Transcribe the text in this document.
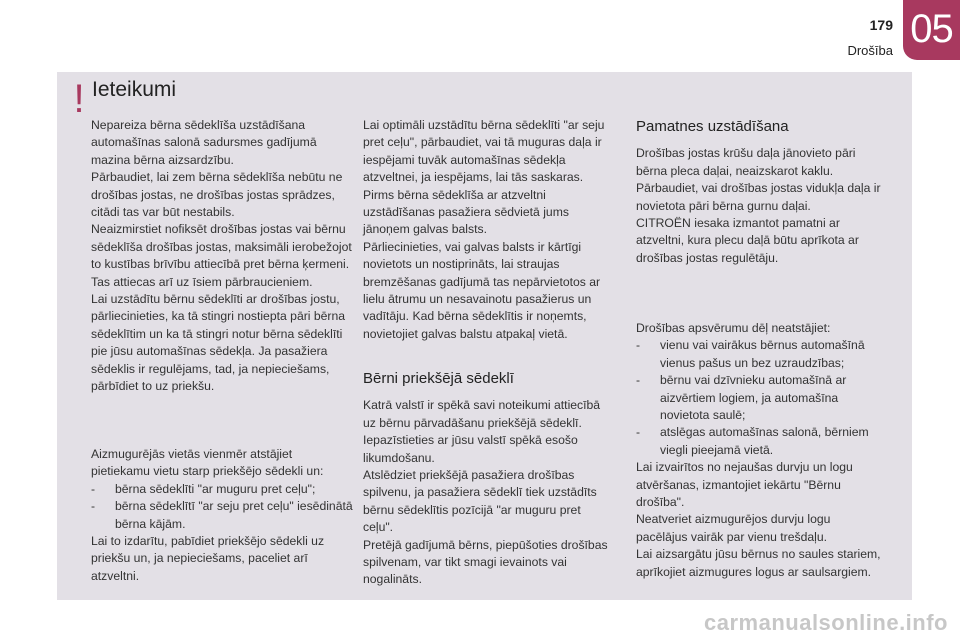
05
179
Drošība
! Ieteikumi

Nepareiza bērna sēdeklīša uzstādīšana automašīnas salonā sadursmes gadījumā mazina bērna aizsardzību.

Pārbaudiet, lai zem bērna sēdeklīša nebūtu ne drošības jostas, ne drošības jostas sprādzes, citādi tas var būt nestabils.

Neaizmirstiet nofiksēt drošības jostas vai bērnu sēdeklīša drošības jostas, maksimāli ierobežojot to kustības brīvību attiecībā pret bērna ķermeni. Tas attiecas arī uz īsiem pārbraucieniem.

Lai uzstādītu bērnu sēdeklīti ar drošības jostu, pārliecinieties, ka tā stingri nostiepta pāri bērna sēdeklītim un ka tā stingri notur bērna sēdeklīti pie jūsu automašīnas sēdekļa. Ja pasažiera sēdeklis ir regulējams, tad, ja nepieciešams, pārbīdiet to uz priekšu.

Aizmugurējās vietās vienmēr atstājiet pietiekamu vietu starp priekšējo sēdekli un:

-	bērna sēdeklīti "ar muguru pret ceļu";
-	bērna sēdeklītī "ar seju pret ceļu" iesēdinātā bērna kājām.

Lai to izdarītu, pabīdiet priekšējo sēdekli uz priekšu un, ja nepieciešams, paceliet arī atzveltni.

Lai optimāli uzstādītu bērna sēdeklīti "ar seju pret ceļu", pārbaudiet, vai tā muguras daļa ir iespējami tuvāk automašīnas sēdekļa atzveltnei, ja iespējams, lai tās saskaras.

Pirms bērna sēdeklīša ar atzveltni uzstādīšanas pasažiera sēdvietā jums jānoņem galvas balsts.

Pārliecinieties, vai galvas balsts ir kārtīgi novietots un nostiprināts, lai straujas bremzēšanas gadījumā tas nepārvietotos ar lielu ātrumu un nesavainotu pasažierus un vadītāju. Kad bērna sēdeklītis ir noņemts, novietojiet galvas balstu atpakaļ vietā.

Bērni priekšējā sēdeklī

Katrā valstī ir spēkā savi noteikumi attiecībā uz bērnu pārvadāšanu priekšējā sēdeklī. Iepazīstieties ar jūsu valstī spēkā esošo likumdošanu.

Atslēdziet priekšējā pasažiera drošības spilvenu, ja pasažiera sēdeklī tiek uzstādīts bērnu sēdeklītis pozīcijā "ar muguru pret ceļu".

Pretējā gadījumā bērns, piepūšoties drošības spilvenam, var tikt smagi ievainots vai nogalināts.

Pamatnes uzstādīšana

Drošības jostas krūšu daļa jānovieto pāri bērna pleca daļai, neaizskarot kaklu.

Pārbaudiet, vai drošības jostas vidukļa daļa ir novietota pāri bērna gurnu daļai.

CITROËN iesaka izmantot pamatni ar atzveltni, kura plecu daļā būtu aprīkota ar drošības jostas regulētāju.

Drošības apsvērumu dēļ neatstājiet:

-	vienu vai vairākus bērnus automašīnā vienus pašus un bez uzraudzības;
-	bērnu vai dzīvnieku automašīnā ar aizvērtiem logiem, ja automašīna novietota saulē;
-	atslēgas automašīnas salonā, bērniem viegli pieejamā vietā.

Lai izvairītos no nejaušas durvju un logu atvēršanas, izmantojiet iekārtu "Bērnu drošība".

Neatveriet aizmugurējos durvju logu pacēlājus vairāk par vienu trešdaļu.

Lai aizsargātu jūsu bērnus no saules stariem, aprīkojiet aizmugures logus ar saulsargiem.

carmanualsonline.info
